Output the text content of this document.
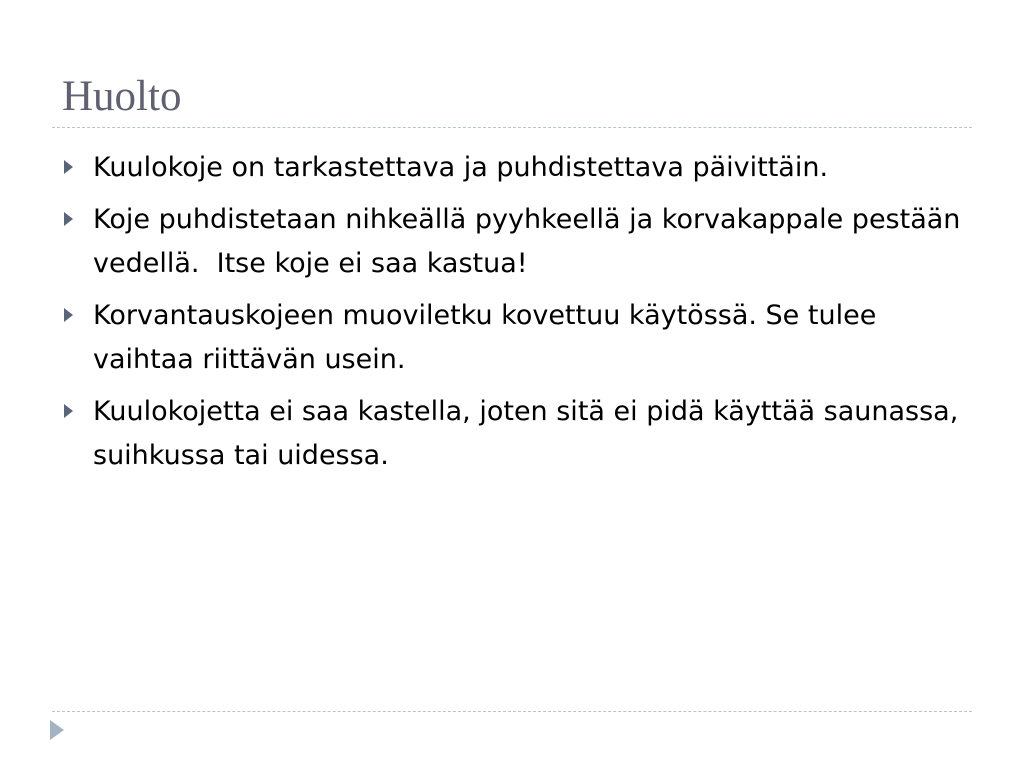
Huolto
Kuulokoje on tarkastettava ja puhdistettava päivittäin.
Koje puhdistetaan nihkeällä pyyhkeellä ja korvakappale pestään vedellä.  Itse koje ei saa kastua!
Korvantauskojeen muoviletku kovettuu käytössä. Se tulee vaihtaa riittävän usein.
Kuulokojetta ei saa kastella, joten sitä ei pidä käyttää saunassa, suihkussa tai uidessa.
